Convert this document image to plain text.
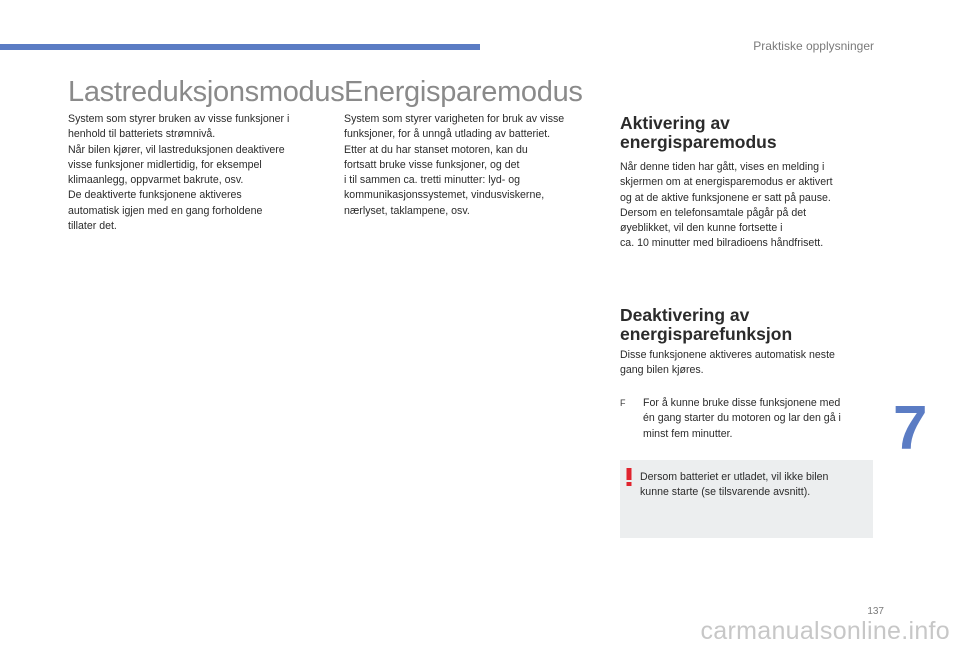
Praktiske opplysninger
Lastreduksjonsmodus
System som styrer bruken av visse funksjoner i
henhold til batteriets strømnivå.
Når bilen kjører, vil lastreduksjonen deaktivere
visse funksjoner midlertidig, for eksempel
klimaanlegg, oppvarmet bakrute, osv.
De deaktiverte funksjonene aktiveres
automatisk igjen med en gang forholdene
tillater det.
Energisparemodus
System som styrer varigheten for bruk av visse
funksjoner, for å unngå utlading av batteriet.
Etter at du har stanset motoren, kan du
fortsatt bruke visse funksjoner, og det
i til sammen ca. tretti minutter: lyd- og
kommunikasjonssystemet, vindusviskerne,
nærlyset, taklampene, osv.
Aktivering av
energisparemodus
Når denne tiden har gått, vises en melding i
skjermen om at energisparemodus er aktivert
og at de aktive funksjonene er satt på pause.
Dersom en telefonsamtale pågår på det
øyeblikket, vil den kunne fortsette i
ca. 10 minutter med bilradioens håndfrisett.
Deaktivering av
energisparefunksjon
Disse funksjonene aktiveres automatisk neste
gang bilen kjøres.
F For å kunne bruke disse funksjonene med
én gang starter du motoren og lar den gå i
minst fem minutter.
Dersom batteriet er utladet, vil ikke bilen
kunne starte (se tilsvarende avsnitt).
7
137
carmanualsonline.info
